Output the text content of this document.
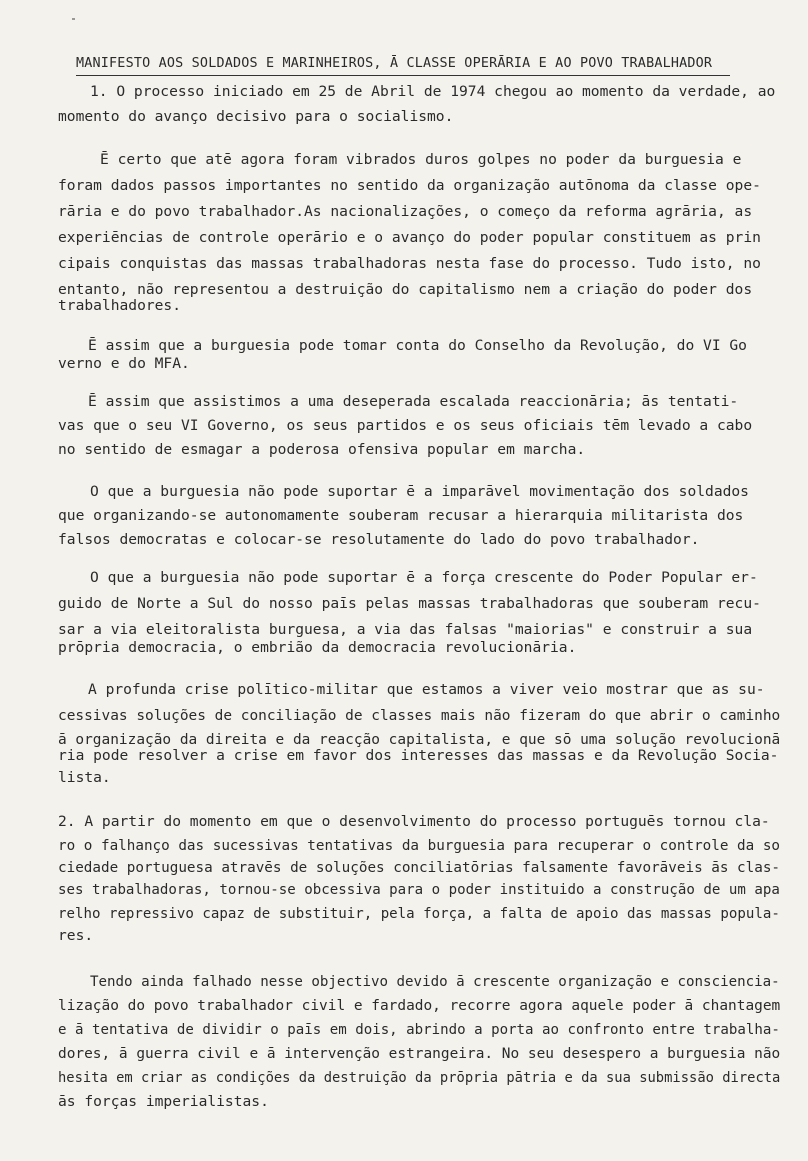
MANIFESTO AOS SOLDADOS E MARINHEIROS, Ā CLASSE OPERĀRIA E AO POVO TRABALHADOR
1. O processo iniciado em 25 de Abril de 1974 chegou ao momento da verdade, ao
momento do avanço decisivo para o socialismo.
Ē certo que atē agora foram vibrados duros golpes no poder da burguesia e
foram dados passos importantes no sentido da organização autōnoma da classe ope-
rāria e do povo trabalhador.As nacionalizações, o começo da reforma agrāria, as
experiēncias de controle operārio e o avanço do poder popular constituem as prin
cipais conquistas das massas trabalhadoras nesta fase do processo. Tudo isto, no
entanto, não representou a destruição do capitalismo nem a criação do poder dos
trabalhadores.
Ē assim que a burguesia pode tomar conta do Conselho da Revolução, do VI Go
verno e do MFA.
Ē assim que assistimos a uma deseperada escalada reaccionāria; ās tentati-
vas que o seu VI Governo, os seus partidos e os seus oficiais tēm levado a cabo
no sentido de esmagar a poderosa ofensiva popular em marcha.
O que a burguesia não pode suportar ē a imparāvel movimentação dos soldados
que organizando-se autonomamente souberam recusar a hierarquia militarista dos
falsos democratas e colocar-se resolutamente do lado do povo trabalhador.
O que a burguesia não pode suportar ē a força crescente do Poder Popular er-
guido de Norte a Sul do nosso paīs pelas massas trabalhadoras que souberam recu-
sar a via eleitoralista burguesa, a via das falsas "maiorias" e construir a sua
prōpria democracia, o embrião da democracia revolucionāria.
A profunda crise polītico-militar que estamos a viver veio mostrar que as su-
cessivas soluções de conciliação de classes mais não fizeram do que abrir o caminho
ā organização da direita e da reacção capitalista, e que sō uma solução revolucionā
ria pode resolver a crise em favor dos interesses das massas e da Revolução Socia-
lista.
2. A partir do momento em que o desenvolvimento do processo portuguēs tornou cla-
ro o falhanço das sucessivas tentativas da burguesia para recuperar o controle da so
ciedade portuguesa atravēs de soluções conciliatōrias falsamente favorāveis ās clas-
ses trabalhadoras, tornou-se obcessiva para o poder instituido a construção de um apa
relho repressivo capaz de substituir, pela força, a falta de apoio das massas popula-
res.
Tendo ainda falhado nesse objectivo devido ā crescente organização e consciencia-
lização do povo trabalhador civil e fardado, recorre agora aquele poder ā chantagem
e ā tentativa de dividir o paīs em dois, abrindo a porta ao confronto entre trabalha-
dores, ā guerra civil e ā intervenção estrangeira. No seu desespero a burguesia não
hesita em criar as condições da destruição da prōpria pātria e da sua submissão directa
ās forças imperialistas.
